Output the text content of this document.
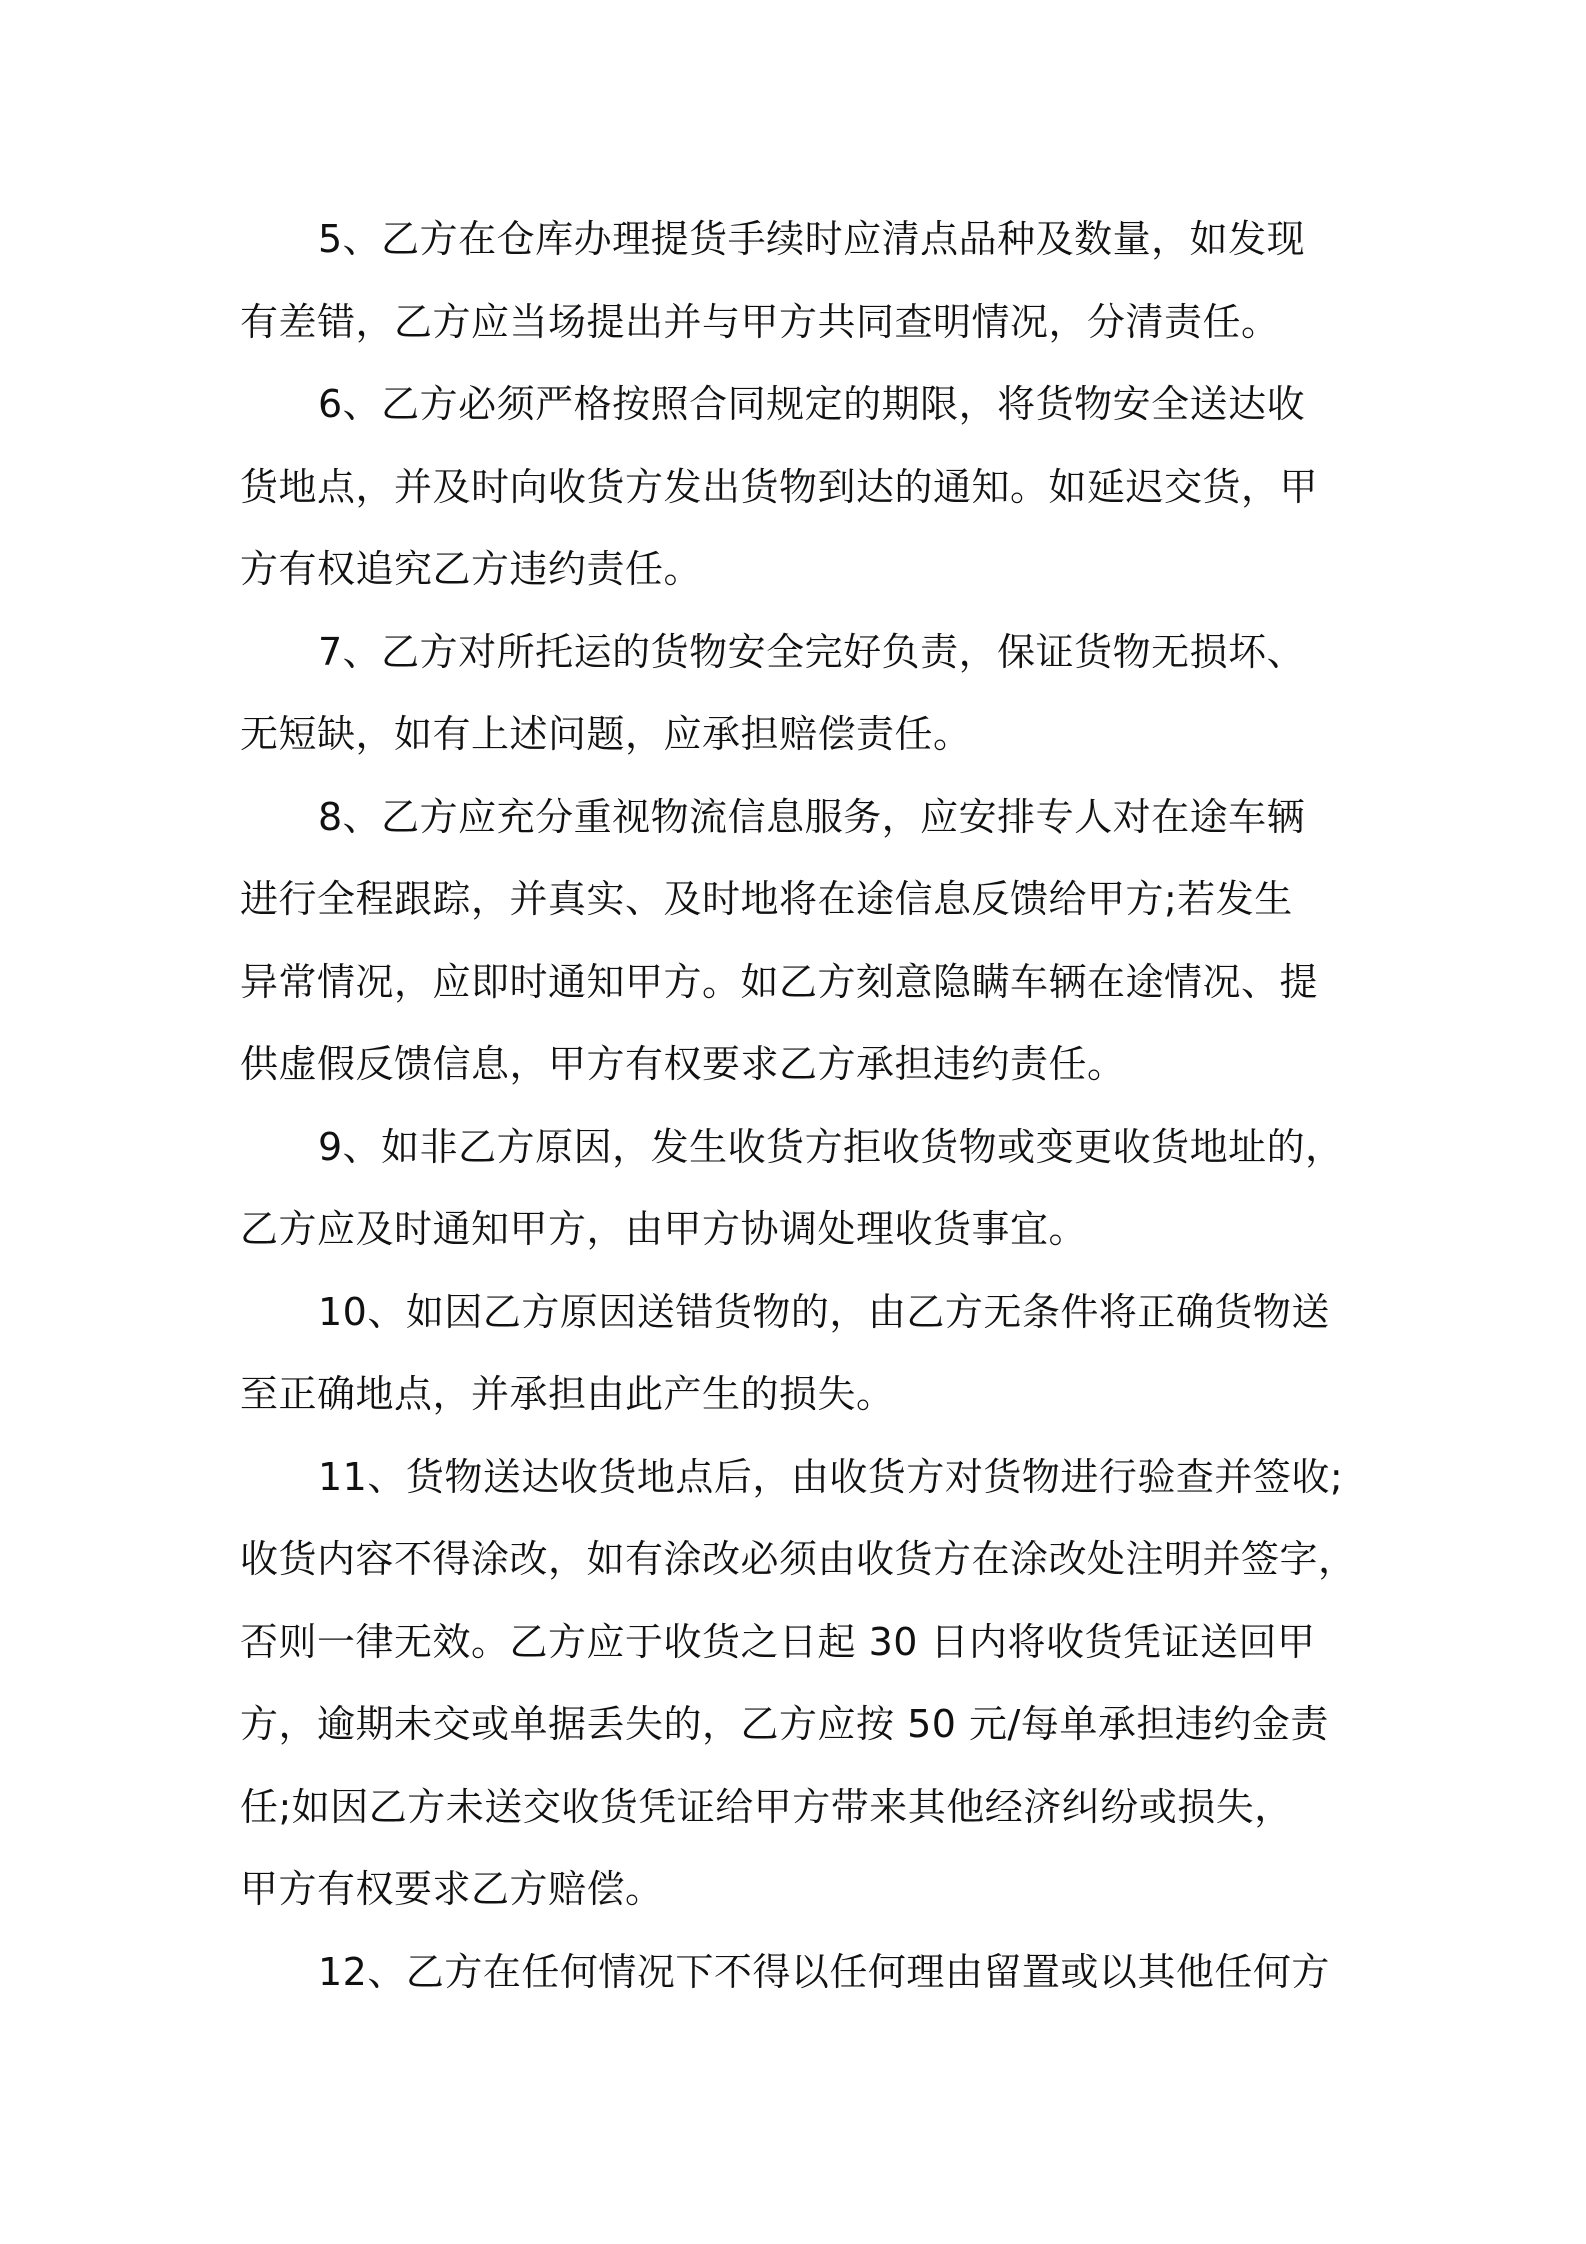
5、乙方在仓库办理提货手续时应清点品种及数量，如发现
有差错，乙方应当场提出并与甲方共同查明情况，分清责任。

6、乙方必须严格按照合同规定的期限，将货物安全送达收
货地点，并及时向收货方发出货物到达的通知。如延迟交货，甲
方有权追究乙方违约责任。

7、乙方对所托运的货物安全完好负责，保证货物无损坏、
无短缺，如有上述问题，应承担赔偿责任。

8、乙方应充分重视物流信息服务，应安排专人对在途车辆
进行全程跟踪，并真实、及时地将在途信息反馈给甲方;若发生
异常情况，应即时通知甲方。如乙方刻意隐瞒车辆在途情况、提
供虚假反馈信息，甲方有权要求乙方承担违约责任。

9、如非乙方原因，发生收货方拒收货物或变更收货地址的，
乙方应及时通知甲方，由甲方协调处理收货事宜。

10、如因乙方原因送错货物的，由乙方无条件将正确货物送
至正确地点，并承担由此产生的损失。

11、货物送达收货地点后，由收货方对货物进行验查并签收;
收货内容不得涂改，如有涂改必须由收货方在涂改处注明并签字，
否则一律无效。乙方应于收货之日起 30 日内将收货凭证送回甲
方，逾期未交或单据丢失的，乙方应按 50 元/每单承担违约金责
任;如因乙方未送交收货凭证给甲方带来其他经济纠纷或损失，
甲方有权要求乙方赔偿。

12、乙方在任何情况下不得以任何理由留置或以其他任何方
